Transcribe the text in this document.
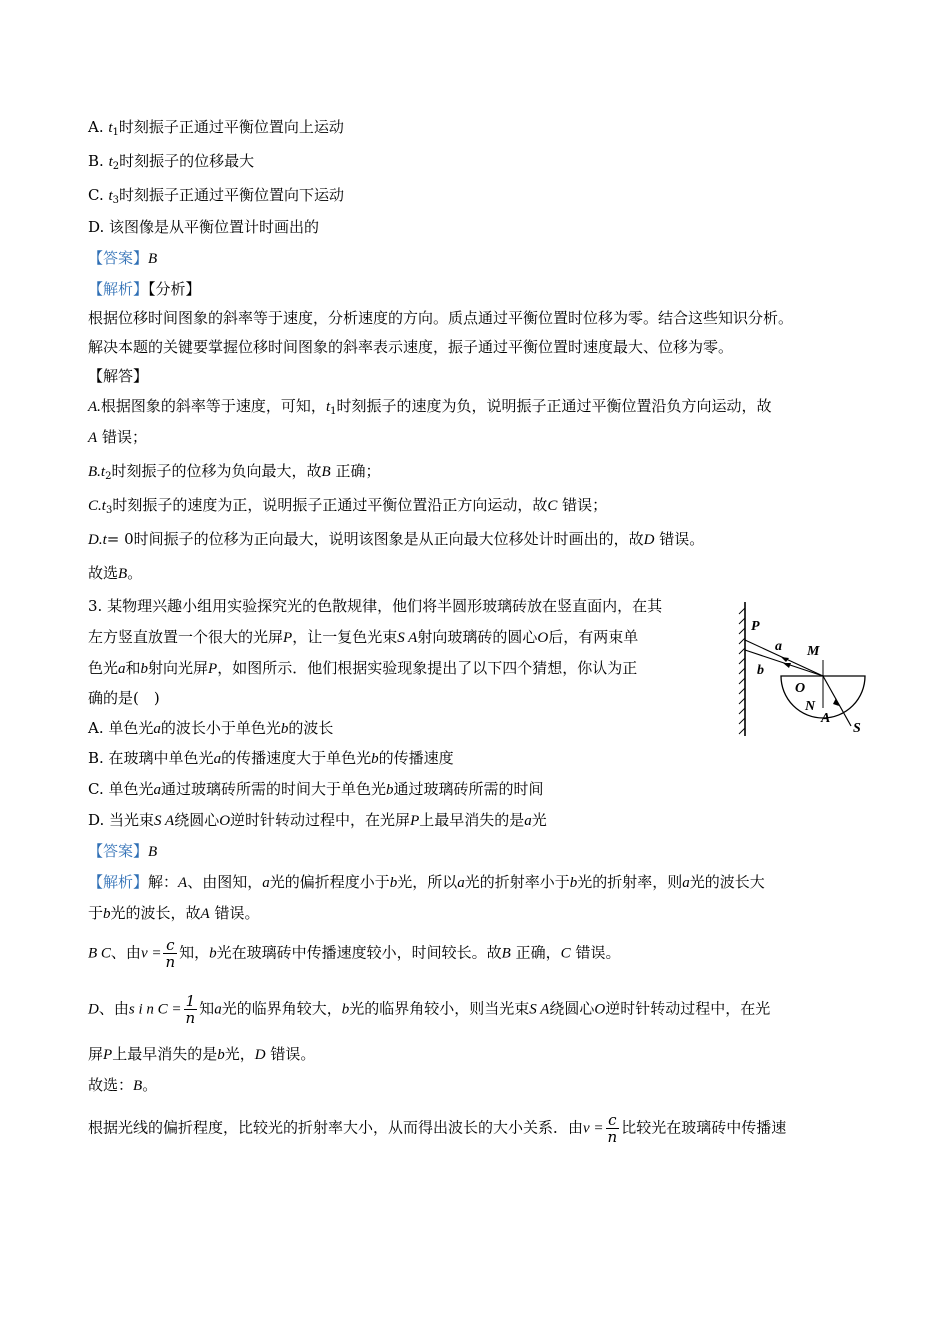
A. $t_1$时刻振子正通过平衡位置向上运动
B. $t_2$时刻振子的位移最大
C. $t_3$时刻振子正通过平衡位置向下运动
D. 该图像是从平衡位置计时画出的
【答案】B
【解析】【分析】
根据位移时间图象的斜率等于速度，分析速度的方向。质点通过平衡位置时位移为零。结合这些知识分析。
解决本题的关键要掌握位移时间图象的斜率表示速度，振子通过平衡位置时速度最大、位移为零。
【解答】
A.根据图象的斜率等于速度，可知，$t_1$时刻振子的速度为负，说明振子正通过平衡位置沿负方向运动，故
A 错误；
$B.t_2$时刻振子的位移为负向最大，故B 正确；
$C.t_3$时刻振子的速度为正，说明振子正通过平衡位置沿正方向运动，故C 错误；
D.t= 0时间振子的位移为正向最大，说明该图象是从正向最大位移处计时画出的，故D 错误。
故选B。
3. 某物理兴趣小组用实验探究光的色散规律，他们将半圆形玻璃砖放在竖直面内，在其
左方竖直放置一个很大的光屏P，让一复色光束S A射向玻璃砖的圆心O后，有两束单
色光a和b射向光屏P，如图所示．他们根据实验现象提出了以下四个猜想，你认为正
确的是(　)
A. 单色光a的波长小于单色光b的波长
B. 在玻璃中单色光a的传播速度大于单色光b的传播速度
C. 单色光a通过玻璃砖所需的时间大于单色光b通过玻璃砖所需的时间
D. 当光束S A绕圆心O逆时针转动过程中，在光屏P上最早消失的是a光
【答案】B
【解析】解：A、由图知，a光的偏折程度小于b光，所以a光的折射率小于b光的折射率，则a光的波长大
于b光的波长，故A 错误。
B C、由$v = \frac{c}{n}$ 知，b光在玻璃砖中传播速度较小，时间较长。故B 正确，C 错误。
D、由s i n $C = \frac{1}{n}$ 知a光的临界角较大，b光的临界角较小，则当光束S A绕圆心O逆时针转动过程中，在光
屏P上最早消失的是b光，D 错误。
故选：B。
根据光线的偏折程度，比较光的折射率大小，从而得出波长的大小关系．由$v = \frac{c}{n}$ 比较光在玻璃砖中传播速
P
a M
b
O
N
A
S
